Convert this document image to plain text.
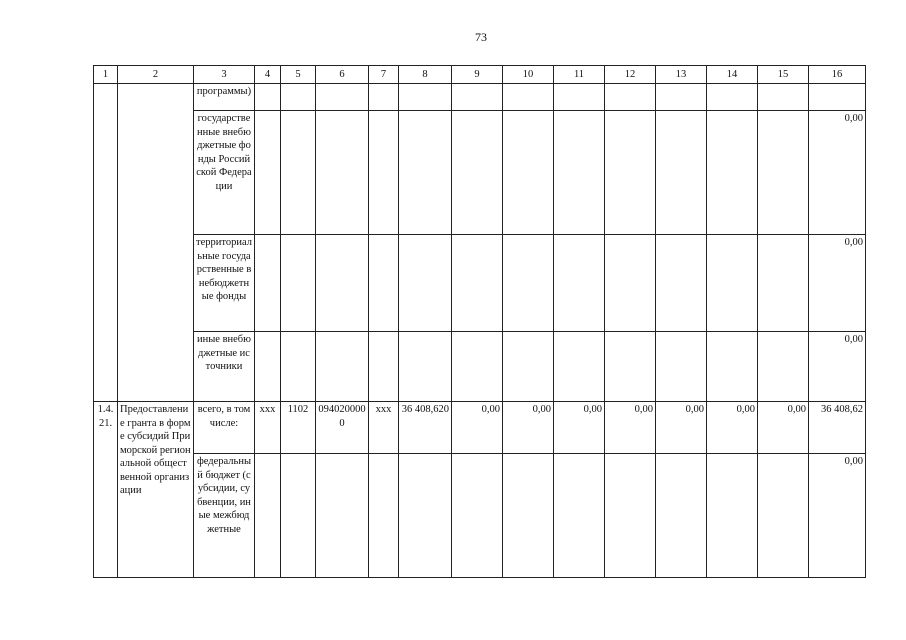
73
1	2	3	4	5	6	7	8	9	10	11	12	13	14	15	16
		программы)													
		государственные внебюджетные фонды Российской Федерации													0,00
		территориальные государственные внебюджетные фонды													0,00
		иные внебюджетные источники													0,00
1.4.21.	Предоставление гранта в форме субсидий Приморской региональной общественной организации	всего, в том числе:	ххх	1102	0940200000	ххх	36 408,620	0,00	0,00	0,00	0,00	0,00	0,00	0,00	36 408,62
		федеральный бюджет (субсидии, субвенции, иные межбюджетные													0,00
